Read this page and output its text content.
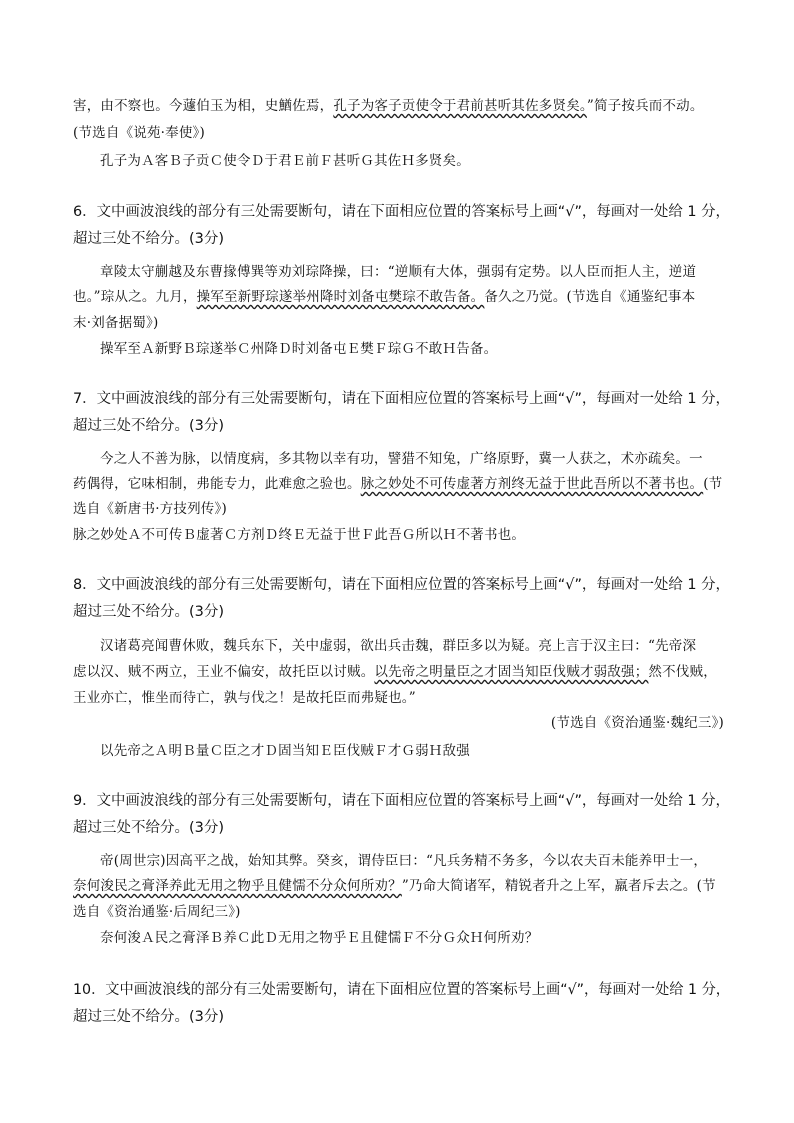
害，由不察也。今蘧伯玉为相，史鰌佐焉，孔子为客子贡使令于君前甚听其佐多贤矣。”简子按兵而不动。
(节选自《说苑·奉使》)
孔子为Ａ客Ｂ子贡Ｃ使令Ｄ于君Ｅ前Ｆ甚听Ｇ其佐Ｈ多贤矣。
6．文中画波浪线的部分有三处需要断句，请在下面相应位置的答案标号上画“√”，每画对一处给 1 分，
超过三处不给分。(3分)
章陵太守蒯越及东曹掾傅巽等劝刘琮降操，曰：“逆顺有大体，强弱有定势。以人臣而拒人主，逆道
也。”琮从之。九月，操军至新野琮遂举州降时刘备屯樊琮不敢告备。备久之乃觉。(节选自《通鉴纪事本
末·刘备据蜀》)
操军至Ａ新野Ｂ琮遂举Ｃ州降Ｄ时刘备屯Ｅ樊Ｆ琮Ｇ不敢Ｈ告备。
7．文中画波浪线的部分有三处需要断句，请在下面相应位置的答案标号上画“√”，每画对一处给 1 分，
超过三处不给分。(3分)
今之人不善为脉，以情度病，多其物以幸有功，譬猎不知兔，广络原野，冀一人获之，术亦疏矣。一
药偶得，它味相制，弗能专力，此难愈之验也。脉之妙处不可传虚著方剂终无益于世此吾所以不著书也。(节
选自《新唐书·方技列传》)
脉之妙处Ａ不可传Ｂ虚著Ｃ方剂Ｄ终Ｅ无益于世Ｆ此吾Ｇ所以Ｈ不著书也。
8．文中画波浪线的部分有三处需要断句，请在下面相应位置的答案标号上画“√”，每画对一处给 1 分，
超过三处不给分。(3分)
汉诸葛亮闻曹休败，魏兵东下，关中虚弱，欲出兵击魏，群臣多以为疑。亮上言于汉主曰：“先帝深
虑以汉、贼不两立，王业不偏安，故托臣以讨贼。以先帝之明量臣之才固当知臣伐贼才弱敌强；然不伐贼，
王业亦亡，惟坐而待亡，孰与伐之！是故托臣而弗疑也。”
(节选自《资治通鉴·魏纪三》)
以先帝之Ａ明Ｂ量Ｃ臣之才Ｄ固当知Ｅ臣伐贼Ｆ才Ｇ弱Ｈ敌强
9．文中画波浪线的部分有三处需要断句，请在下面相应位置的答案标号上画“√”，每画对一处给 1 分，
超过三处不给分。(3分)
帝(周世宗)因高平之战，始知其弊。癸亥，谓侍臣曰：“凡兵务精不务多，今以农夫百未能养甲士一，
奈何浚民之膏泽养此无用之物乎且健懦不分众何所劝？”乃命大简诸军，精锐者升之上军，羸者斥去之。(节
选自《资治通鉴·后周纪三》)
奈何浚Ａ民之膏泽Ｂ养Ｃ此Ｄ无用之物乎Ｅ且健懦Ｆ不分Ｇ众Ｈ何所劝？
10．文中画波浪线的部分有三处需要断句，请在下面相应位置的答案标号上画“√”，每画对一处给 1 分，
超过三处不给分。(3分)
